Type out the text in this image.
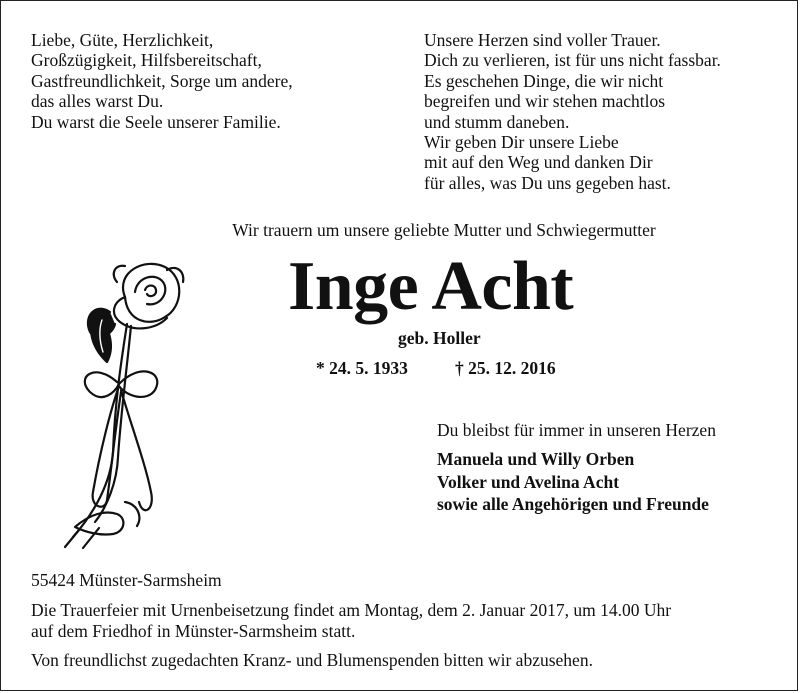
Liebe, Güte, Herzlichkeit,
Großzügigkeit, Hilfsbereitschaft,
Gastfreundlichkeit, Sorge um andere,
das alles warst Du.
Du warst die Seele unserer Familie.
Unsere Herzen sind voller Trauer.
Dich zu verlieren, ist für uns nicht fassbar.
Es geschehen Dinge, die wir nicht
begreifen und wir stehen machtlos
und stumm daneben.
Wir geben Dir unsere Liebe
mit auf den Weg und danken Dir
für alles, was Du uns gegeben hast.
Wir trauern um unsere geliebte Mutter und Schwiegermutter
Inge Acht
geb. Holler
* 24. 5. 1933	† 25. 12. 2016
Du bleibst für immer in unseren Herzen
Manuela und Willy Orben
Volker und Avelina Acht
sowie alle Angehörigen und Freunde
55424 Münster-Sarmsheim
Die Trauerfeier mit Urnenbeisetzung findet am Montag, dem 2. Januar 2017, um 14.00 Uhr
auf dem Friedhof in Münster-Sarmsheim statt.
Von freundlichst zugedachten Kranz- und Blumenspenden bitten wir abzusehen.
